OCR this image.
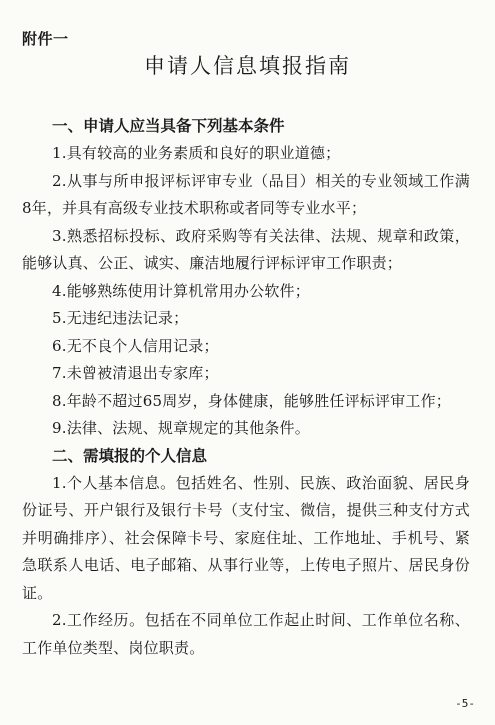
附件一
申请人信息填报指南

一、申请人应当具备下列基本条件

1.具有较高的业务素质和良好的职业道德；

2.从事与所申报评标评审专业（品目）相关的专业领域工作满8年，并具有高级专业技术职称或者同等专业水平；

3.熟悉招标投标、政府采购等有关法律、法规、规章和政策，能够认真、公正、诚实、廉洁地履行评标评审工作职责；

4.能够熟练使用计算机常用办公软件；

5.无违纪违法记录；

6.无不良个人信用记录；

7.未曾被清退出专家库；

8.年龄不超过65周岁，身体健康，能够胜任评标评审工作；

9.法律、法规、规章规定的其他条件。

二、需填报的个人信息

1.个人基本信息。包括姓名、性别、民族、政治面貌、居民身份证号、开户银行及银行卡号（支付宝、微信，提供三种支付方式并明确排序）、社会保障卡号、家庭住址、工作地址、手机号、紧急联系人电话、电子邮箱、从事行业等，上传电子照片、居民身份证。

2.工作经历。包括在不同单位工作起止时间、工作单位名称、工作单位类型、岗位职责。

-5-
